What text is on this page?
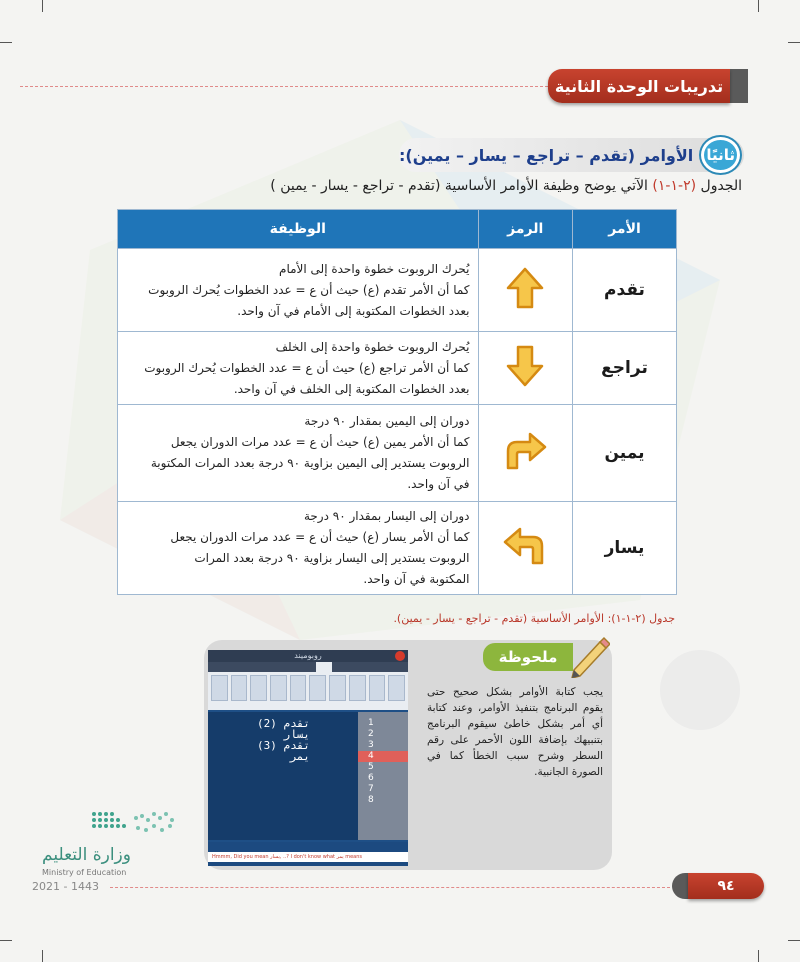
تدريبات الوحدة الثانية
ثانيًا
الأوامر (تقدم – تراجع – يسار – يمين):
الجدول (٢-١-١) الآتي يوضح وظيفة الأوامر الأساسية (تقدم - تراجع - يسار - يمين )
الأمر	الرمز	الوظيفة
تقدم		يُحرك الروبوت خطوة واحدة إلى الأمام
كما أن الأمر تقدم (ع) حيث أن ع = عدد الخطوات يُحرك الروبوت
بعدد الخطوات المكتوبة إلى الأمام في آن واحد.

تراجع		يُحرك الروبوت خطوة واحدة إلى الخلف
كما أن الأمر تراجع (ع) حيث أن ع = عدد الخطوات يُحرك الروبوت
بعدد الخطوات المكتوبة إلى الخلف في آن واحد.

يمين		دوران إلى اليمين بمقدار ٩٠ درجة
كما أن الأمر يمين (ع) حيث أن ع = عدد مرات الدوران يجعل
الروبوت يستدير إلى اليمين بزاوية ٩٠ درجة بعدد المرات المكتوبة
في آن واحد.

يسار		دوران إلى اليسار بمقدار ٩٠ درجة
كما أن الأمر يسار (ع) حيث أن ع = عدد مرات الدوران يجعل
الروبوت يستدير إلى اليسار بزاوية ٩٠ درجة بعدد المرات
المكتوبة في آن واحد.
جدول (٢-١-١): الأوامر الأساسية (تقدم - تراجع - يسار - يمين).
ملحوظة
يجب كتابة الأوامر بشكل صحيح حتى يقوم البرنامج بتنفيذ الأوامر، وعند كتابة أي أمر بشكل خاطئ سيقوم البرنامج بتنبيهك بإضافة اللون الأحمر على رقم السطر وشرح سبب الخطأ كما في الصورة الجانبية.
روبوميند
تقدم (2)
يسار
تقدم (3)
يمر
1
2
3
4
5
6
7
8
Hmmm, Did you mean يسار, ..? I don't know what يمر means
وزارة التعليم
Ministry of Education
2021 - 1443	٩٤
